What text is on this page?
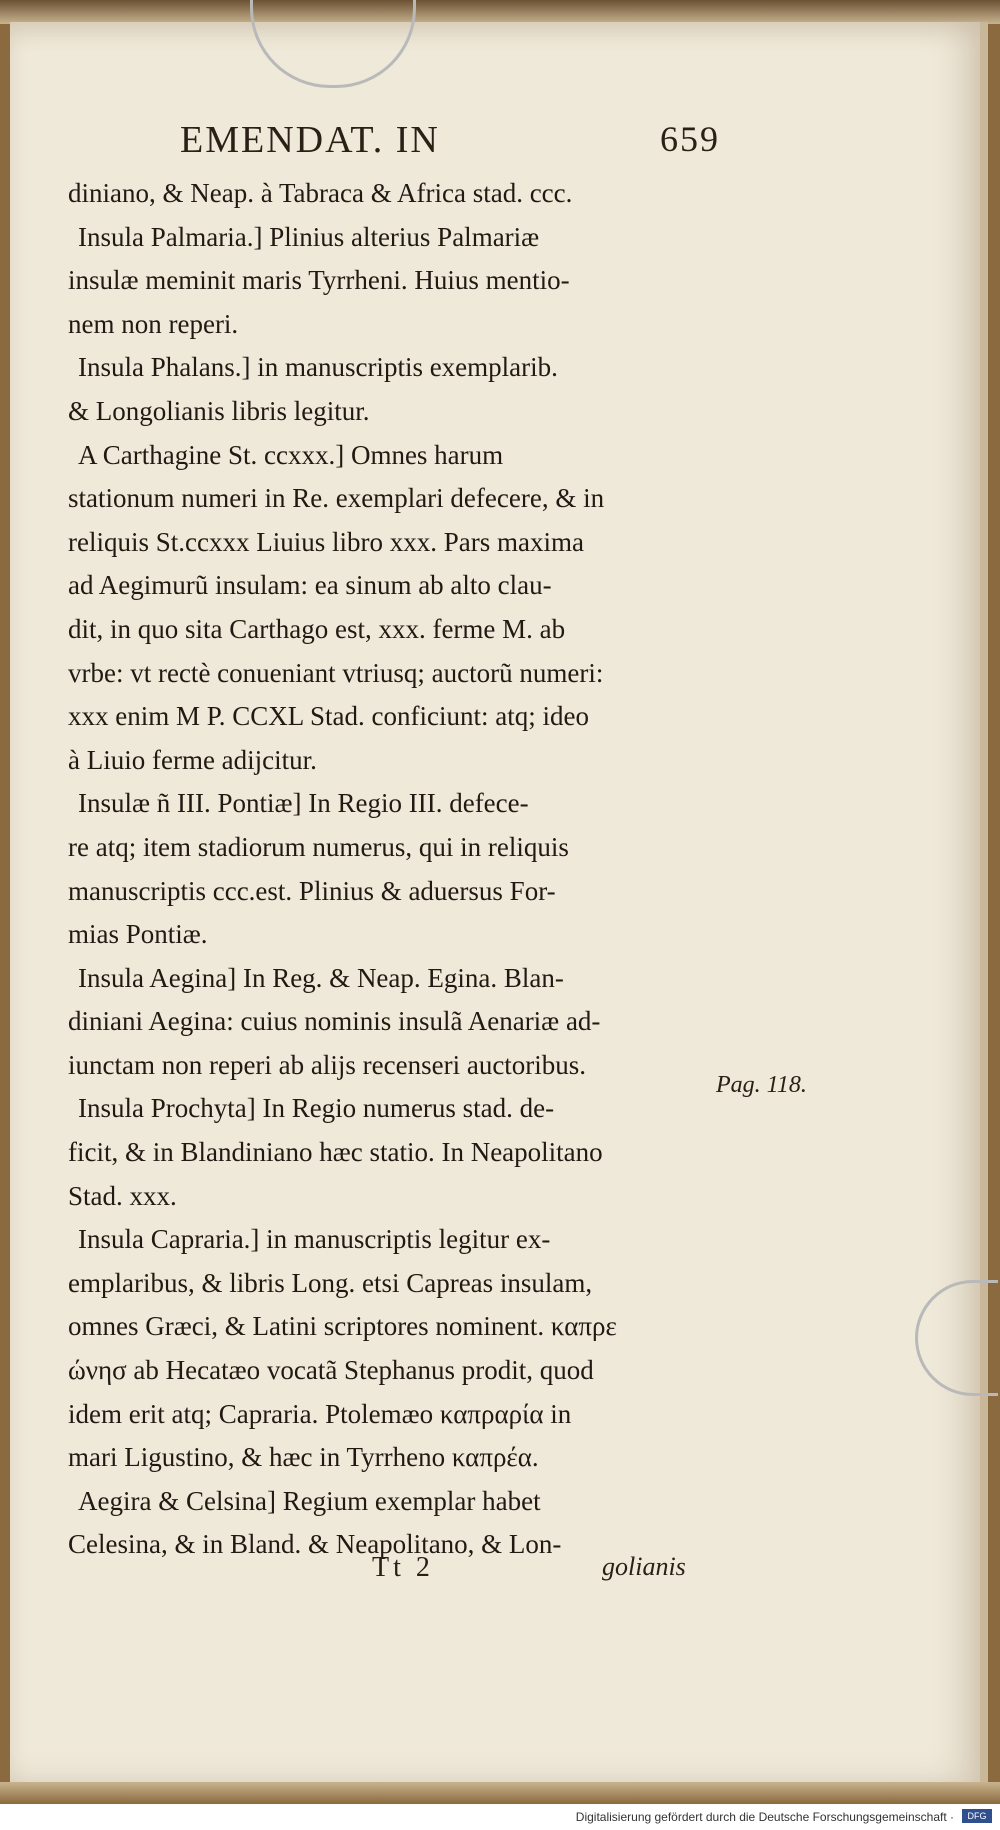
EMENDAT. IN	659
diniano, & Neap. à Tabraca & Africa stad. ccc.
Insula Palmaria.] Plinius alterius Palmariæ
insulæ meminit maris Tyrrheni. Huius mentio-
nem non reperi.
Insula Phalans.] in manuscriptis exemplarib.
& Longolianis libris legitur.
A Carthagine St. ccxxx.] Omnes harum
stationum numeri in Re. exemplari defecere, & in
reliquis St.ccxxx Liuius libro xxx. Pars maxima
ad Aegimurũ insulam: ea sinum ab alto clau-
dit, in quo sita Carthago est, xxx. ferme M. ab
vrbe: vt rectè conueniant vtriusq; auctorũ numeri:
xxx enim M P. CCXL Stad. conficiunt: atq; ideo
à Liuio ferme adijcitur.
Insulæ ñ III. Pontiæ] In Regio III. defece-
re atq; item stadiorum numerus, qui in reliquis
manuscriptis ccc.est. Plinius & aduersus For-
mias Pontiæ.
Insula Aegina] In Reg. & Neap. Egina. Blan-
diniani Aegina: cuius nominis insulã Aenariæ ad-
iunctam non reperi ab alijs recenseri auctoribus.
Insula Prochyta] In Regio numerus stad. de-
ficit, & in Blandiniano hæc statio. In Neapolitano
Stad. xxx.
Insula Capraria.] in manuscriptis legitur ex-
emplaribus, & libris Long. etsi Capreas insulam,
omnes Græci, & Latini scriptores nominent. καπρε
ώνησ ab Hecatæo vocatã Stephanus prodit, quod
idem erit atq; Capraria. Ptolemæo καπραρία in
mari Ligustino, & hæc in Tyrrheno καπρέα.
Aegira & Celsina] Regium exemplar habet
Celesina, & in Bland. & Neapolitano, & Lon-
Pag. 118.
Tt 2	golianis
Digitalisierung gefördert durch die Deutsche Forschungsgemeinschaft ·	DFG
